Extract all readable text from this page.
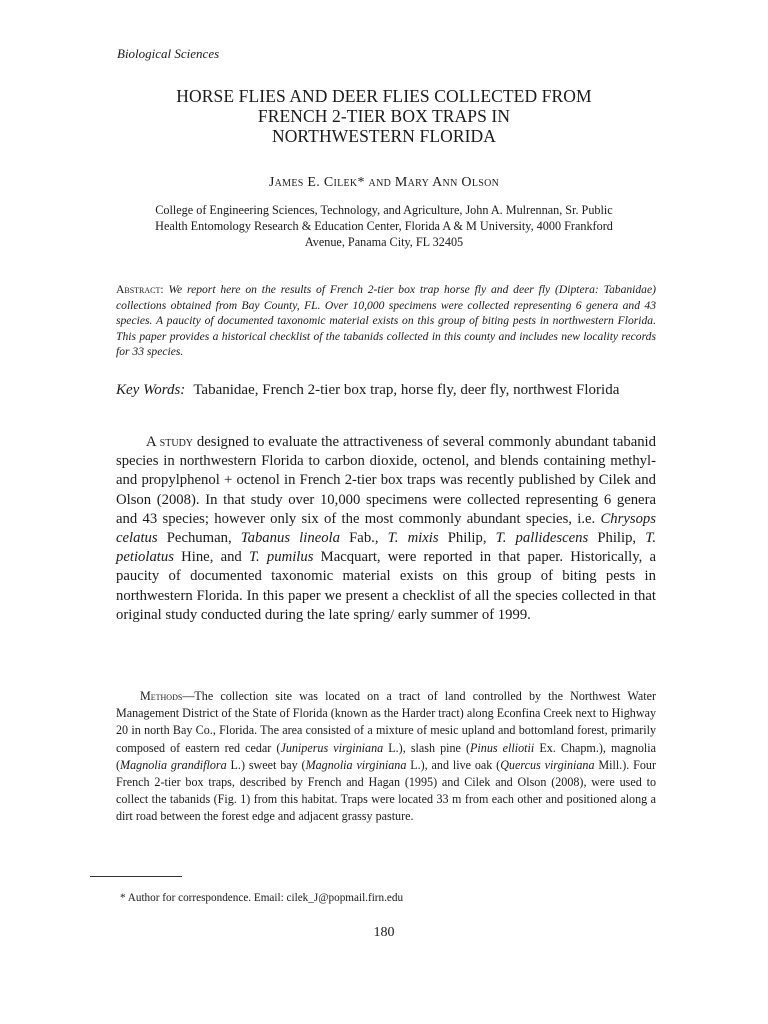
Biological Sciences
HORSE FLIES AND DEER FLIES COLLECTED FROM
FRENCH 2-TIER BOX TRAPS IN
NORTHWESTERN FLORIDA
James E. Cilek* and Mary Ann Olson
College of Engineering Sciences, Technology, and Agriculture, John A. Mulrennan, Sr. Public
Health Entomology Research & Education Center, Florida A & M University, 4000 Frankford
Avenue, Panama City, FL 32405
Abstract: We report here on the results of French 2-tier box trap horse fly and deer fly (Diptera: Tabanidae) collections obtained from Bay County, FL. Over 10,000 specimens were collected representing 6 genera and 43 species. A paucity of documented taxonomic material exists on this group of biting pests in northwestern Florida. This paper provides a historical checklist of the tabanids collected in this county and includes new locality records for 33 species.
Key Words: Tabanidae, French 2-tier box trap, horse fly, deer fly, northwest Florida

A study designed to evaluate the attractiveness of several commonly abundant tabanid species in northwestern Florida to carbon dioxide, octenol, and blends containing methyl- and propylphenol + octenol in French 2-tier box traps was recently published by Cilek and Olson (2008). In that study over 10,000 specimens were collected representing 6 genera and 43 species; however only six of the most commonly abundant species, i.e. Chrysops celatus Pechuman, Tabanus lineola Fab., T. mixis Philip, T. pallidescens Philip, T. petiolatus Hine, and T. pumilus Macquart, were reported in that paper. Historically, a paucity of documented taxonomic material exists on this group of biting pests in northwestern Florida. In this paper we present a checklist of all the species collected in that original study conducted during the late spring/ early summer of 1999.

Methods—The collection site was located on a tract of land controlled by the Northwest Water Management District of the State of Florida (known as the Harder tract) along Econfina Creek next to Highway 20 in north Bay Co., Florida. The area consisted of a mixture of mesic upland and bottomland forest, primarily composed of eastern red cedar (Juniperus virginiana L.), slash pine (Pinus elliotii Ex. Chapm.), magnolia (Magnolia grandiflora L.) sweet bay (Magnolia virginiana L.), and live oak (Quercus virginiana Mill.). Four French 2-tier box traps, described by French and Hagan (1995) and Cilek and Olson (2008), were used to collect the tabanids (Fig. 1) from this habitat. Traps were located 33 m from each other and positioned along a dirt road between the forest edge and adjacent grassy pasture.

* Author for correspondence. Email: cilek_J@popmail.firn.edu
180
